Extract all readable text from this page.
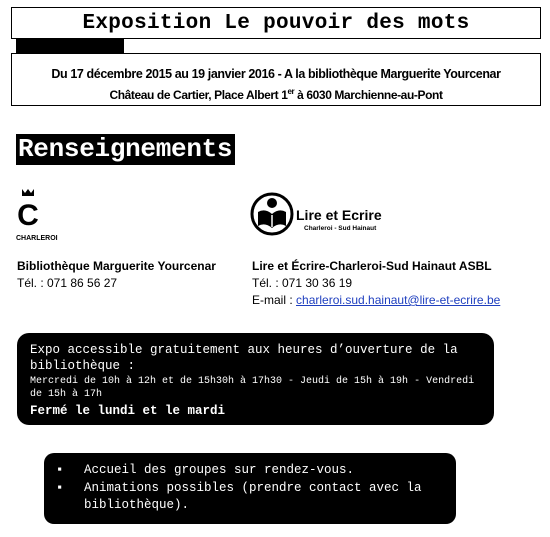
Exposition Le pouvoir des mots
Du 17 décembre 2015 au 19 janvier 2016 - A la bibliothèque Marguerite Yourcenar
Château de Cartier, Place Albert 1er à 6030 Marchienne-au-Pont
Renseignements
C
CHARLEROI
Lire et Ecrire
Charleroi - Sud Hainaut
Bibliothèque Marguerite Yourcenar
Tél. : 071 86 56 27
Lire et Écrire-Charleroi-Sud Hainaut ASBL
Tél. : 071 30 36 19
E-mail : charleroi.sud.hainaut@lire-et-ecrire.be
Expo accessible gratuitement aux heures d’ouverture de la bibliothèque :
Mercredi de 10h à 12h et de 15h30h à 17h30 - Jeudi de 15h à 19h - Vendredi de 15h à 17h
Fermé le lundi et le mardi
▪ Accueil des groupes sur rendez-vous.
▪ Animations possibles (prendre contact avec la bibliothèque).
